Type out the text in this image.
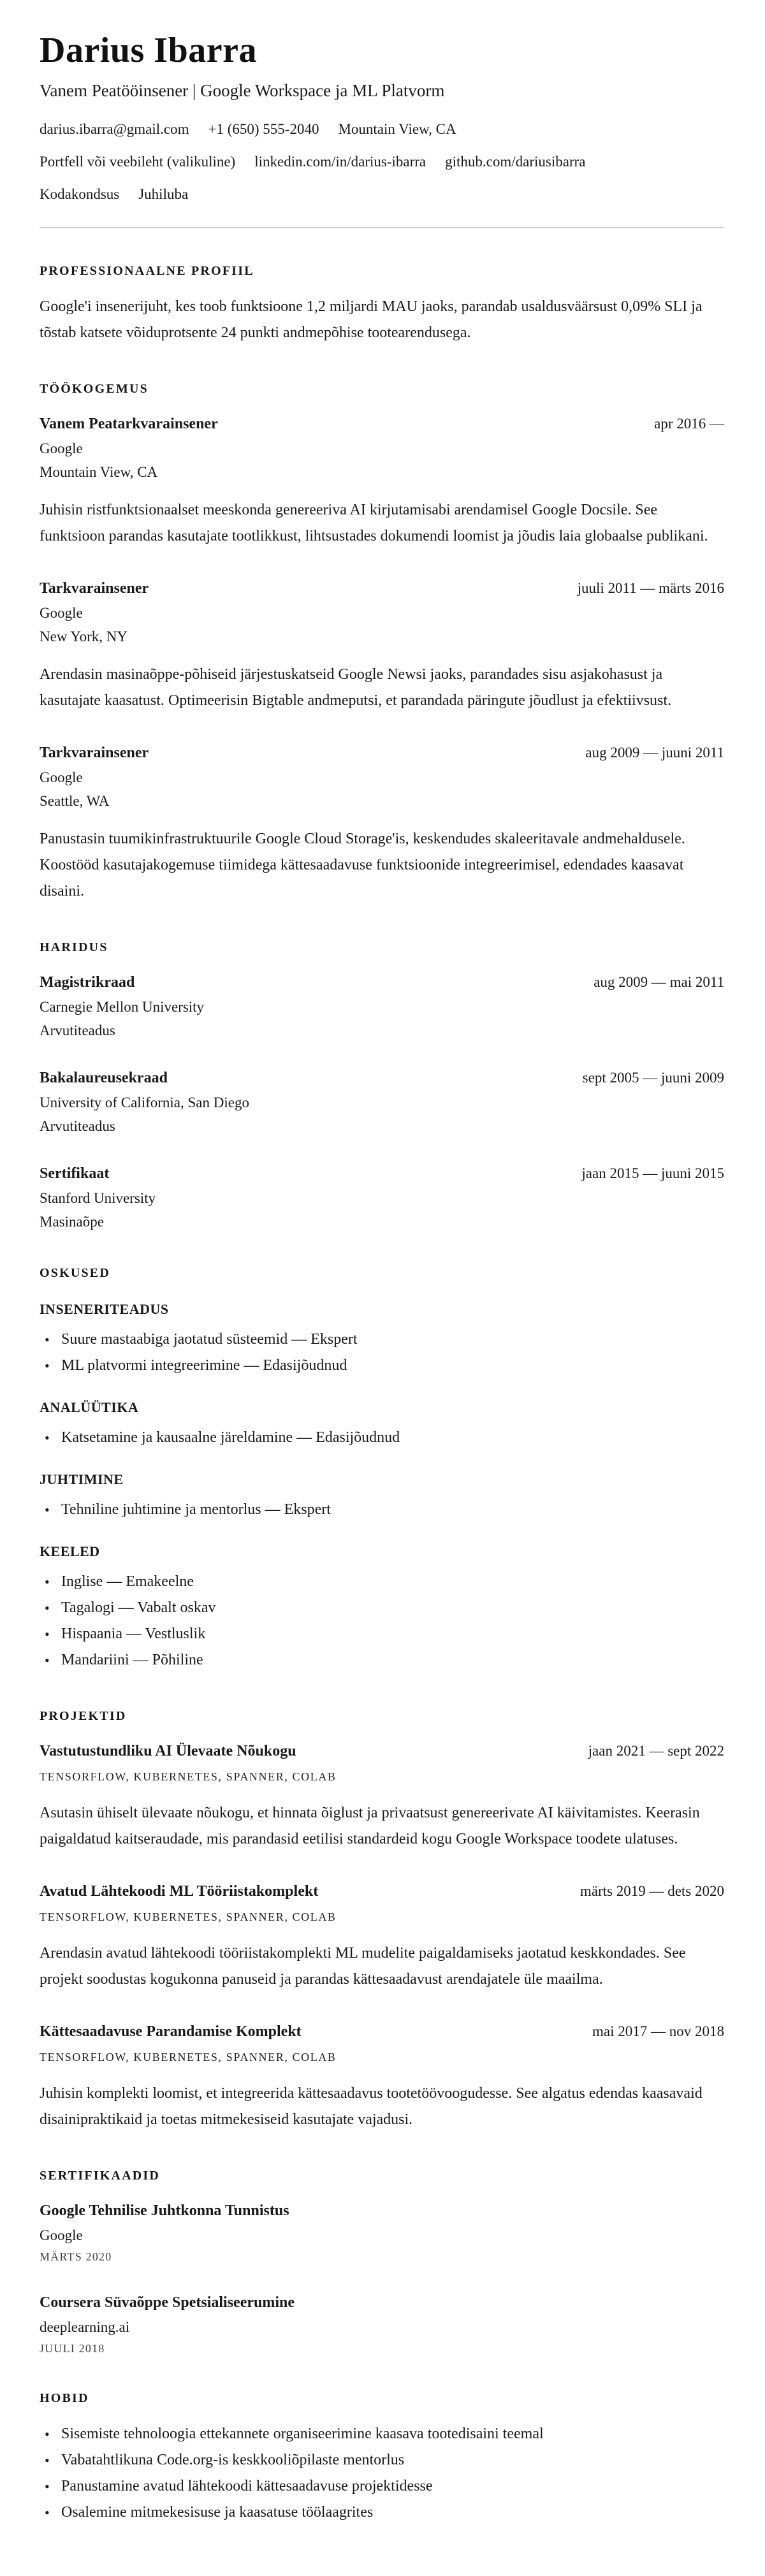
Darius Ibarra
Vanem Peatööinsener | Google Workspace ja ML Platvorm
darius.ibarra@gmail.com +1 (650) 555-2040 Mountain View, CA
Portfell või veebileht (valikuline) linkedin.com/in/darius-ibarra github.com/dariusibarra
Kodakondsus Juhiluba
PROFESSIONAALNE PROFIIL

Google'i insenerijuht, kes toob funktsioone 1,2 miljardi MAU jaoks, parandab usaldusväärsust 0,09% SLI ja tõstab katsete võiduprotsente 24 punkti andmepõhise tootearendusega.

TÖÖKOGEMUS
Vanem Peatarkvarainsener	apr 2016 —
Google
Mountain View, CA

Juhisin ristfunktsionaalset meeskonda genereeriva AI kirjutamisabi arendamisel Google Docsile. See funktsioon parandas kasutajate tootlikkust, lihtsustades dokumendi loomist ja jõudis laia globaalse publikani.

Tarkvarainsener	juuli 2011 — märts 2016
Google
New York, NY

Arendasin masinaõppe-põhiseid järjestuskatseid Google Newsi jaoks, parandades sisu asjakohasust ja kasutajate kaasatust. Optimeerisin Bigtable andmeputsi, et parandada päringute jõudlust ja efektiivsust.

Tarkvarainsener	aug 2009 — juuni 2011
Google
Seattle, WA

Panustasin tuumikinfrastruktuurile Google Cloud Storage'is, keskendudes skaleeritavale andmehaldusele. Koostööd kasutajakogemuse tiimidega kättesaadavuse funktsioonide integreerimisel, edendades kaasavat disaini.

HARIDUS
Magistrikraad	aug 2009 — mai 2011
Carnegie Mellon University
Arvutiteadus
Bakalaureusekraad	sept 2005 — juuni 2009
University of California, San Diego
Arvutiteadus
Sertifikaat	jaan 2015 — juuni 2015
Stanford University
Masinaõpe
OSKUSED
INSENERITEADUS
• Suure mastaabiga jaotatud süsteemid — Ekspert
• ML platvormi integreerimine — Edasijõudnud
ANALÜÜTIKA
• Katsetamine ja kausaalne järeldamine — Edasijõudnud
JUHTIMINE
• Tehniline juhtimine ja mentorlus — Ekspert
KEELED
• Inglise — Emakeelne
• Tagalogi — Vabalt oskav
• Hispaania — Vestluslik
• Mandariini — Põhiline
PROJEKTID
Vastutustundliku AI Ülevaate Nõukogu	jaan 2021 — sept 2022
TENSORFLOW, KUBERNETES, SPANNER, COLAB

Asutasin ühiselt ülevaate nõukogu, et hinnata õiglust ja privaatsust genereerivate AI käivitamistes. Keerasin paigaldatud kaitseraudade, mis parandasid eetilisi standardeid kogu Google Workspace toodete ulatuses.

Avatud Lähtekoodi ML Tööriistakomplekt	märts 2019 — dets 2020
TENSORFLOW, KUBERNETES, SPANNER, COLAB

Arendasin avatud lähtekoodi tööriistakomplekti ML mudelite paigaldamiseks jaotatud keskkondades. See projekt soodustas kogukonna panuseid ja parandas kättesaadavust arendajatele üle maailma.

Kättesaadavuse Parandamise Komplekt	mai 2017 — nov 2018
TENSORFLOW, KUBERNETES, SPANNER, COLAB

Juhisin komplekti loomist, et integreerida kättesaadavus tootetöövoogudesse. See algatus edendas kaasavaid disainipraktikaid ja toetas mitmekesiseid kasutajate vajadusi.

SERTIFIKAADID
Google Tehnilise Juhtkonna Tunnistus
Google
MÄRTS 2020
Coursera Süvaõppe Spetsialiseerumine
deeplearning.ai
JUULI 2018
HOBID
• Sisemiste tehnoloogia ettekannete organiseerimine kaasava tootedisaini teemal
• Vabatahtlikuna Code.org-is keskkooliõpilaste mentorlus
• Panustamine avatud lähtekoodi kättesaadavuse projektidesse
• Osalemine mitmekesisuse ja kaasatuse töölaagrites
